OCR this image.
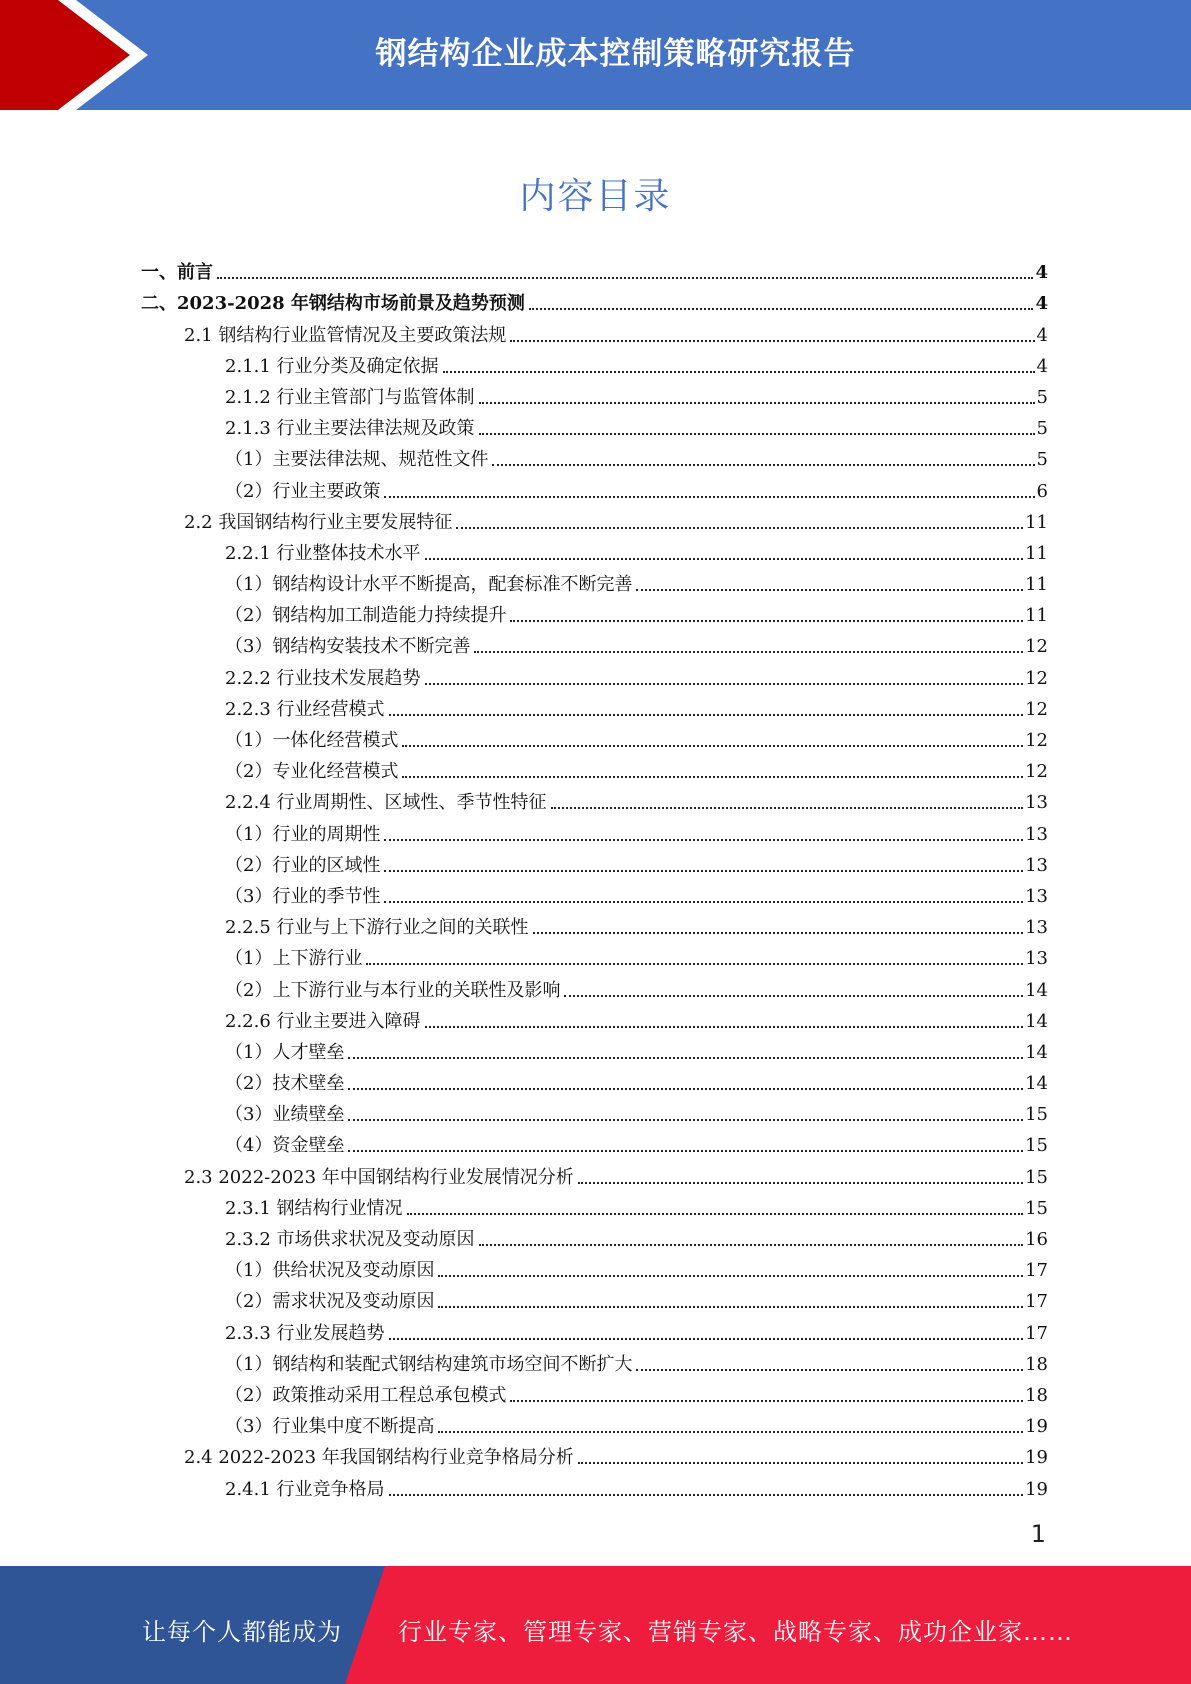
钢结构企业成本控制策略研究报告
内容目录
一、前言	4
二、2023-2028 年钢结构市场前景及趋势预测	4
2.1 钢结构行业监管情况及主要政策法规	4
2.1.1 行业分类及确定依据	4
2.1.2 行业主管部门与监管体制	5
2.1.3 行业主要法律法规及政策	5
（1）主要法律法规、规范性文件	5
（2）行业主要政策	6
2.2 我国钢结构行业主要发展特征	11
2.2.1 行业整体技术水平	11
（1）钢结构设计水平不断提高，配套标准不断完善	11
（2）钢结构加工制造能力持续提升	11
（3）钢结构安装技术不断完善	12
2.2.2 行业技术发展趋势	12
2.2.3 行业经营模式	12
（1）一体化经营模式	12
（2）专业化经营模式	12
2.2.4 行业周期性、区域性、季节性特征	13
（1）行业的周期性	13
（2）行业的区域性	13
（3）行业的季节性	13
2.2.5 行业与上下游行业之间的关联性	13
（1）上下游行业	13
（2）上下游行业与本行业的关联性及影响	14
2.2.6 行业主要进入障碍	14
（1）人才壁垒	14
（2）技术壁垒	14
（3）业绩壁垒	15
（4）资金壁垒	15
2.3 2022-2023 年中国钢结构行业发展情况分析	15
2.3.1 钢结构行业情况	15
2.3.2 市场供求状况及变动原因	16
（1）供给状况及变动原因	17
（2）需求状况及变动原因	17
2.3.3 行业发展趋势	17
（1）钢结构和装配式钢结构建筑市场空间不断扩大	18
（2）政策推动采用工程总承包模式	18
（3）行业集中度不断提高	19
2.4 2022-2023 年我国钢结构行业竞争格局分析	19
2.4.1 行业竞争格局	19
1
让每个人都能成为 行业专家、管理专家、营销专家、战略专家、成功企业家……
